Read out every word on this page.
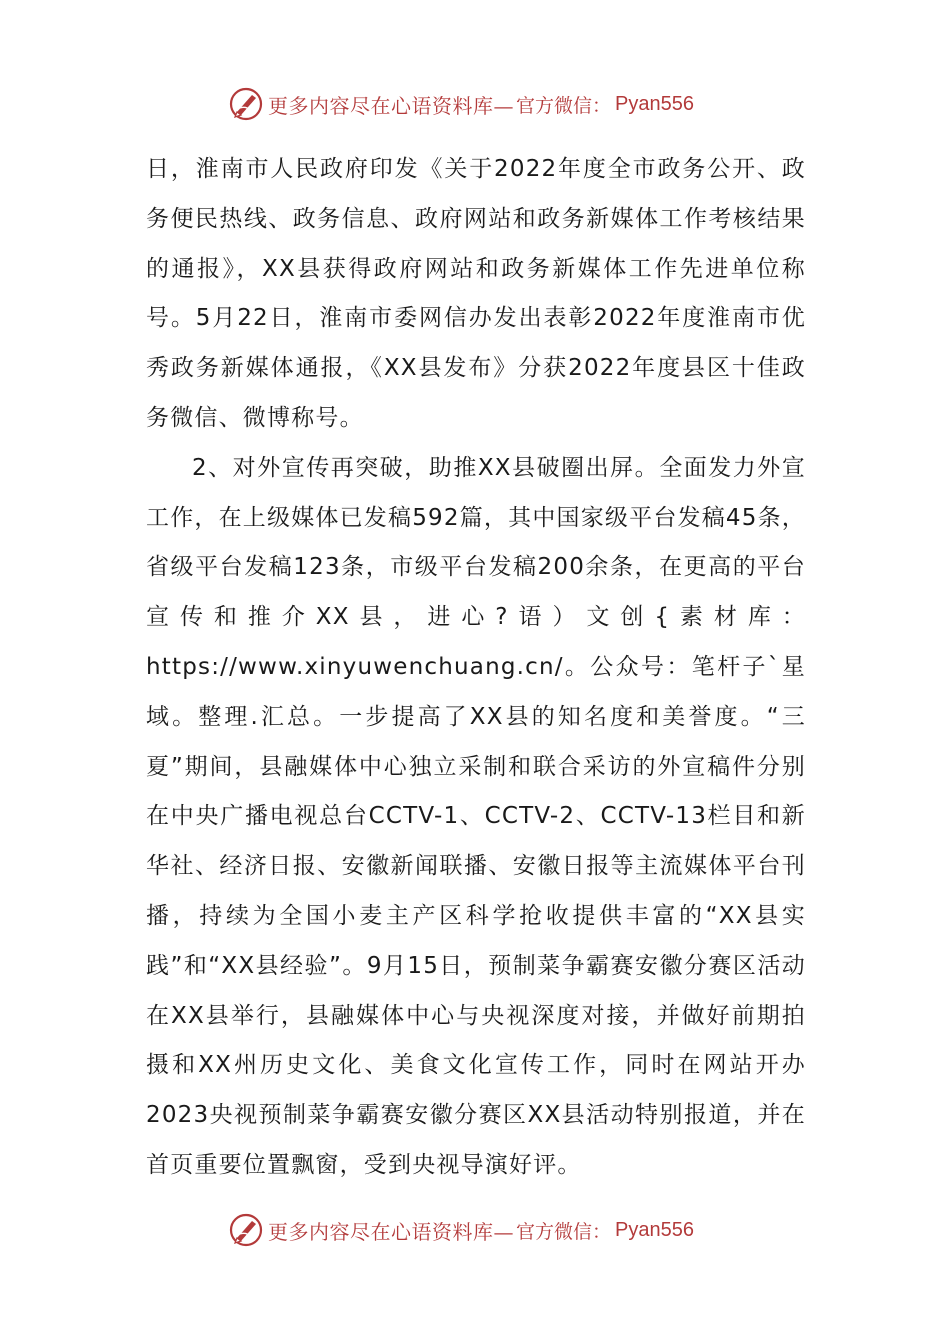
更多内容尽在心语资料库— 官方微信： Pyan556

日，淮南市人民政府印发《关于2022年度全市政务公开、政务便民热线、政务信息、政府网站和政务新媒体工作考核结果的通报》，XX县获得政府网站和政务新媒体工作先进单位称号。5月22日，淮南市委网信办发出表彰2022年度淮南市优秀政务新媒体通报，《XX县发布》分获2022年度县区十佳政务微信、微博称号。

2、对外宣传再突破，助推XX县破圈出屏。全面发力外宣工作，在上级媒体已发稿592篇，其中国家级平台发稿45条，省级平台发稿123条，市级平台发稿200余条，在更高的平台宣传和推介XX县，进心?语）文创{素材库：https://www.xinyuwenchuang.cn/。公众号：笔杆子`星域。整理.汇总。一步提高了XX县的知名度和美誉度。“三夏”期间，县融媒体中心独立采制和联合采访的外宣稿件分别在中央广播电视总台CCTV-1、CCTV-2、CCTV-13栏目和新华社、经济日报、安徽新闻联播、安徽日报等主流媒体平台刊播，持续为全国小麦主产区科学抢收提供丰富的“XX县实践”和“XX县经验”。9月15日，预制菜争霸赛安徽分赛区活动在XX县举行，县融媒体中心与央视深度对接，并做好前期拍摄和XX州历史文化、美食文化宣传工作，同时在网站开办2023央视预制菜争霸赛安徽分赛区XX县活动特别报道，并在首页重要位置飘窗，受到央视导演好评。

更多内容尽在心语资料库— 官方微信： Pyan556
